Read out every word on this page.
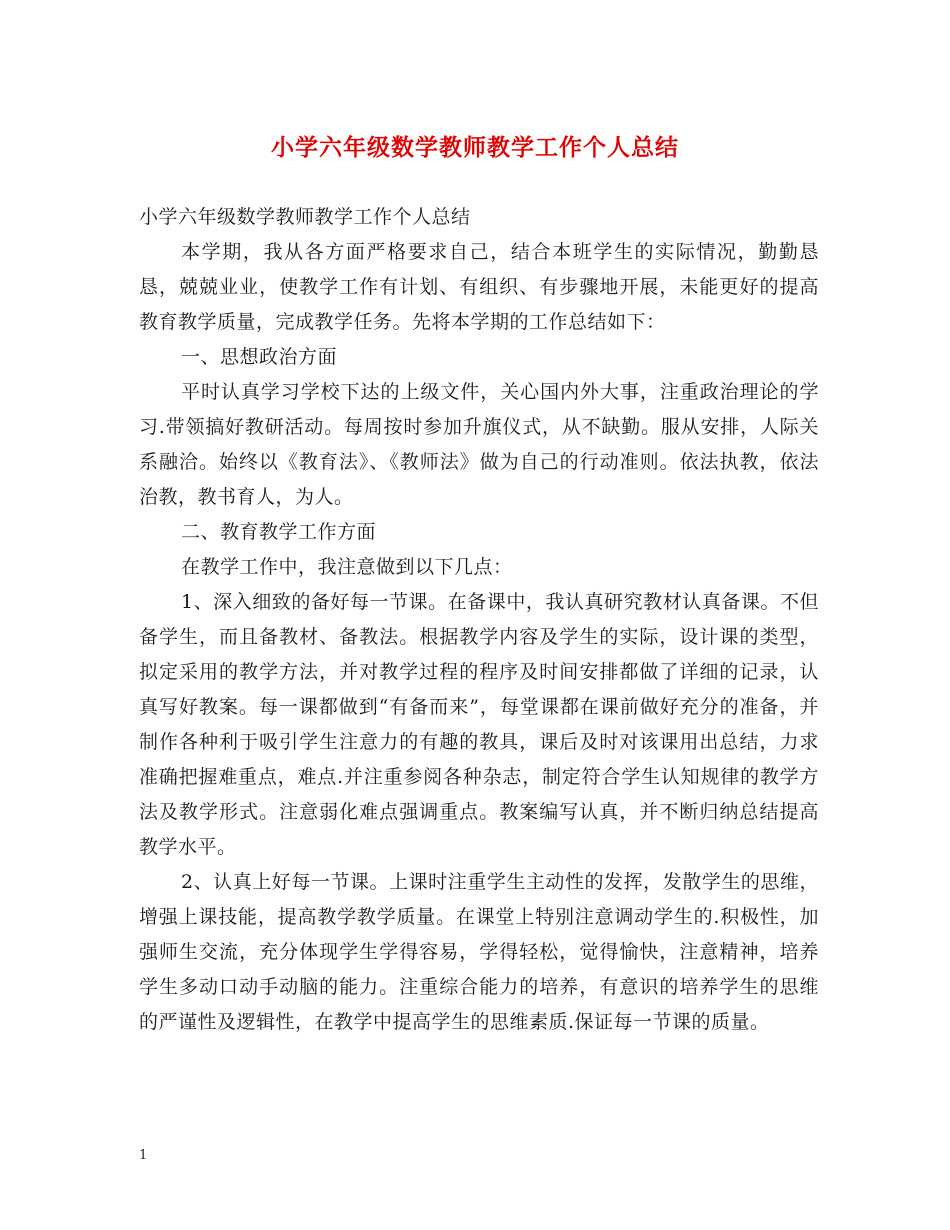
小学六年级数学教师教学工作个人总结

小学六年级数学教师教学工作个人总结

本学期，我从各方面严格要求自己，结合本班学生的实际情况，勤勤恳恳，兢兢业业，使教学工作有计划、有组织、有步骤地开展，未能更好的提高教育教学质量，完成教学任务。先将本学期的工作总结如下：

一、思想政治方面

平时认真学习学校下达的上级文件，关心国内外大事，注重政治理论的学习.带领搞好教研活动。每周按时参加升旗仪式，从不缺勤。服从安排，人际关系融洽。始终以《教育法》、《教师法》做为自己的行动准则。依法执教，依法治教，教书育人，为人。

二、教育教学工作方面

在教学工作中，我注意做到以下几点：

1、深入细致的备好每一节课。在备课中，我认真研究教材认真备课。不但备学生，而且备教材、备教法。根据教学内容及学生的实际，设计课的类型，拟定采用的教学方法，并对教学过程的程序及时间安排都做了详细的记录，认真写好教案。每一课都做到“有备而来”，每堂课都在课前做好充分的准备，并制作各种利于吸引学生注意力的有趣的教具，课后及时对该课用出总结，力求准确把握难重点，难点.并注重参阅各种杂志，制定符合学生认知规律的教学方法及教学形式。注意弱化难点强调重点。教案编写认真，并不断归纳总结提高教学水平。

2、认真上好每一节课。上课时注重学生主动性的发挥，发散学生的思维， 增强上课技能，提高教学教学质量。在课堂上特别注意调动学生的.积极性，加强师生交流，充分体现学生学得容易，学得轻松，觉得愉快，注意精神，培养学生多动口动手动脑的能力。注重综合能力的培养，有意识的培养学生的思维的严谨性及逻辑性，在教学中提高学生的思维素质.保证每一节课的质量。

1
